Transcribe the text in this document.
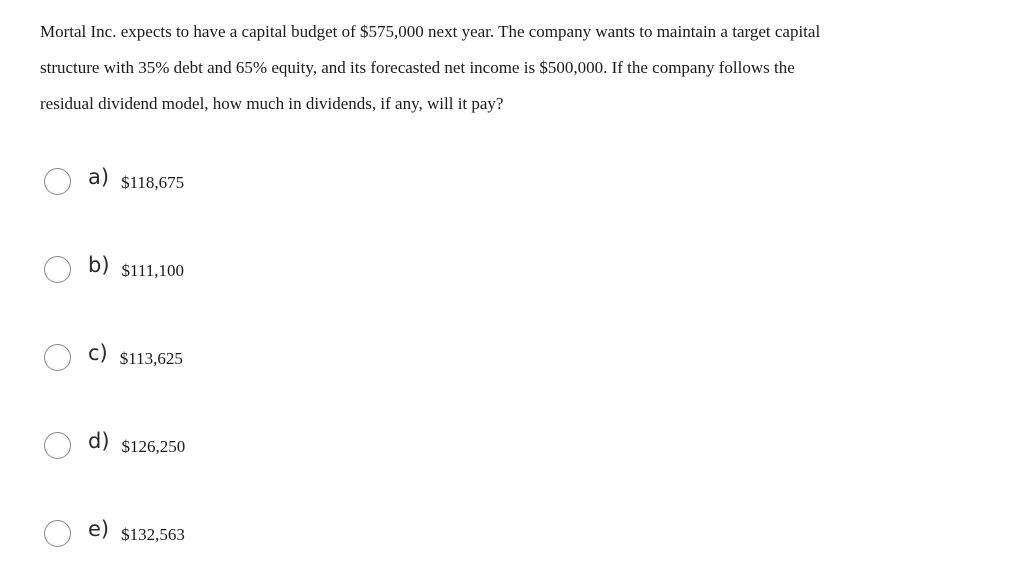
Mortal Inc. expects to have a capital budget of $575,000 next year. The company wants to maintain a target capital
structure with 35% debt and 65% equity, and its forecasted net income is $500,000. If the company follows the
residual dividend model, how much in dividends, if any, will it pay?

a) $118,675
b) $111,100
c) $113,625
d) $126,250
e) $132,563
